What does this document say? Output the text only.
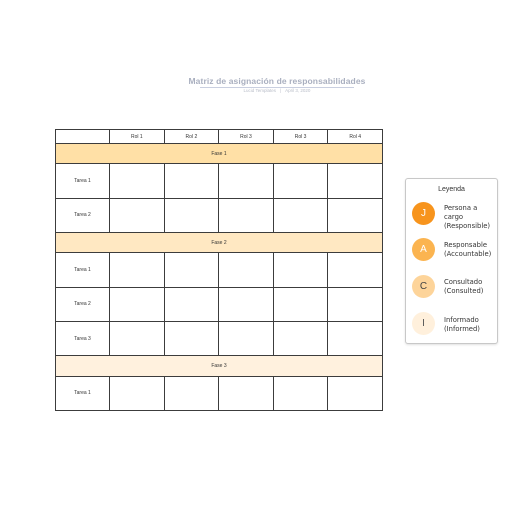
Matriz de asignación de responsabilidades
Lucid Templates | April 3, 2020
	Rol 1	Rol 2	Rol 3	Rol 3	Rol 4
Fase 1					
Tarea 1					
Tarea 2					
Fase 2					
Tarea 1					
Tarea 2					
Tarea 3					
Fase 3					
Tarea 1					
Leyenda
J	Persona a
cargo
(Responsible)
A	Responsable
(Accountable)
C	Consultado
(Consulted)
I	Informado
(Informed)
